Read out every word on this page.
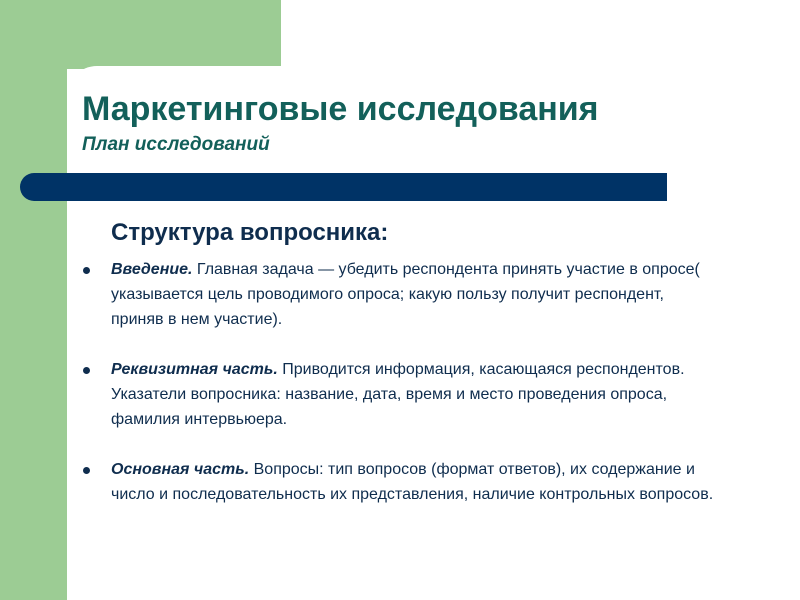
Маркетинговые исследования
План исследований
Структура вопросника:
Введение. Главная задача — убедить респондента принять участие в опросе( указывается цель проводимого опроса; какую пользу получит респондент, приняв в нем участие).
Реквизитная часть. Приводится информация, касающаяся респондентов. Указатели вопросника: название, дата, время и место проведения опроса, фамилия интервьюера.
Основная часть. Вопросы: тип вопросов (формат ответов), их содержание и число и последовательность их представления, наличие контрольных вопросов.
